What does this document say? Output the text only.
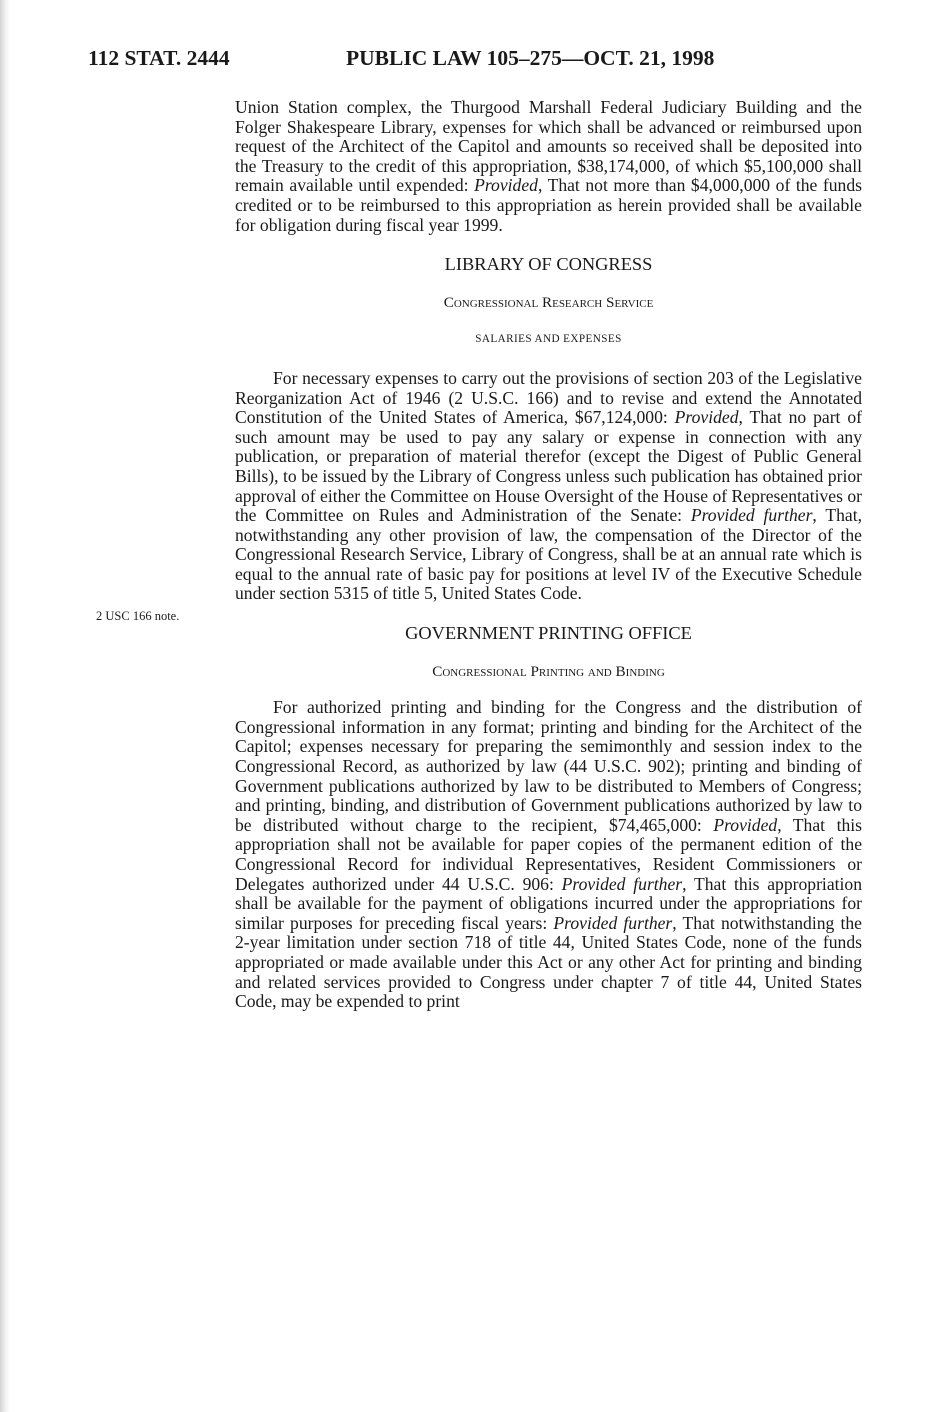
112 STAT. 2444	PUBLIC LAW 105–275—OCT. 21, 1998
2 USC 166 note.

Union Station complex, the Thurgood Marshall Federal Judiciary Building and the Folger Shakespeare Library, expenses for which shall be advanced or reimbursed upon request of the Architect of the Capitol and amounts so received shall be deposited into the Treasury to the credit of this appropriation, $38,174,000, of which $5,100,000 shall remain available until expended: Provided, That not more than $4,000,000 of the funds credited or to be reimbursed to this appropriation as herein provided shall be available for obligation during fiscal year 1999.

LIBRARY OF CONGRESS

Congressional Research Service

SALARIES AND EXPENSES

For necessary expenses to carry out the provisions of section 203 of the Legislative Reorganization Act of 1946 (2 U.S.C. 166) and to revise and extend the Annotated Constitution of the United States of America, $67,124,000: Provided, That no part of such amount may be used to pay any salary or expense in connection with any publication, or preparation of material therefor (except the Digest of Public General Bills), to be issued by the Library of Congress unless such publication has obtained prior approval of either the Committee on House Oversight of the House of Representatives or the Committee on Rules and Administration of the Senate: Provided further, That, notwithstanding any other provision of law, the compensation of the Director of the Congressional Research Service, Library of Congress, shall be at an annual rate which is equal to the annual rate of basic pay for positions at level IV of the Executive Schedule under section 5315 of title 5, United States Code.

GOVERNMENT PRINTING OFFICE

Congressional Printing and Binding

For authorized printing and binding for the Congress and the distribution of Congressional information in any format; printing and binding for the Architect of the Capitol; expenses necessary for preparing the semimonthly and session index to the Congressional Record, as authorized by law (44 U.S.C. 902); printing and binding of Government publications authorized by law to be distributed to Members of Congress; and printing, binding, and distribution of Government publications authorized by law to be distributed without charge to the recipient, $74,465,000: Provided, That this appropriation shall not be available for paper copies of the permanent edition of the Congressional Record for individual Representatives, Resident Commissioners or Delegates authorized under 44 U.S.C. 906: Provided further, That this appropriation shall be available for the payment of obligations incurred under the appropriations for similar purposes for preceding fiscal years: Provided further, That notwithstanding the 2-year limitation under section 718 of title 44, United States Code, none of the funds appropriated or made available under this Act or any other Act for printing and binding and related services provided to Congress under chapter 7 of title 44, United States Code, may be expended to print
